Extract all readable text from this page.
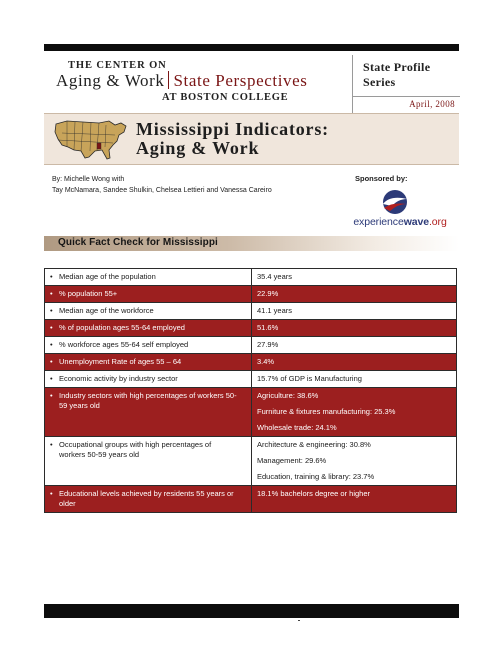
THE CENTER ON
Aging & Work State Perspectives
AT BOSTON COLLEGE
State Profile Series
April, 2008
Mississippi Indicators:
Aging & Work
By: Michelle Wong with
Tay McNamara, Sandee Shulkin, Chelsea Lettieri and Vanessa Careiro
Sponsored by:
experiencewave.org
Quick Fact Check for Mississippi
• Median age of the population	35.4 years

• % population 55+	22.9%

• Median age of the workforce	41.1 years

• % of population ages 55-64 employed	51.6%

• % workforce ages 55-64 self employed	27.9%

• Unemployment Rate of ages 55 – 64	3.4%

• Economic activity by industry sector	15.7% of GDP is Manufacturing

• Industry sectors with high percentages of workers 50-59 years old	Agriculture: 38.6%

Furniture & fixtures manufacturing: 25.3%

Wholesale trade: 24.1%

• Occupational groups with high percentages of workers 50-59 years old	Architecture & engineering: 30.8%

Management: 29.6%

Education, training & library: 23.7%

• Educational levels achieved by residents 55 years or older	18.1% bachelors degree or higher
